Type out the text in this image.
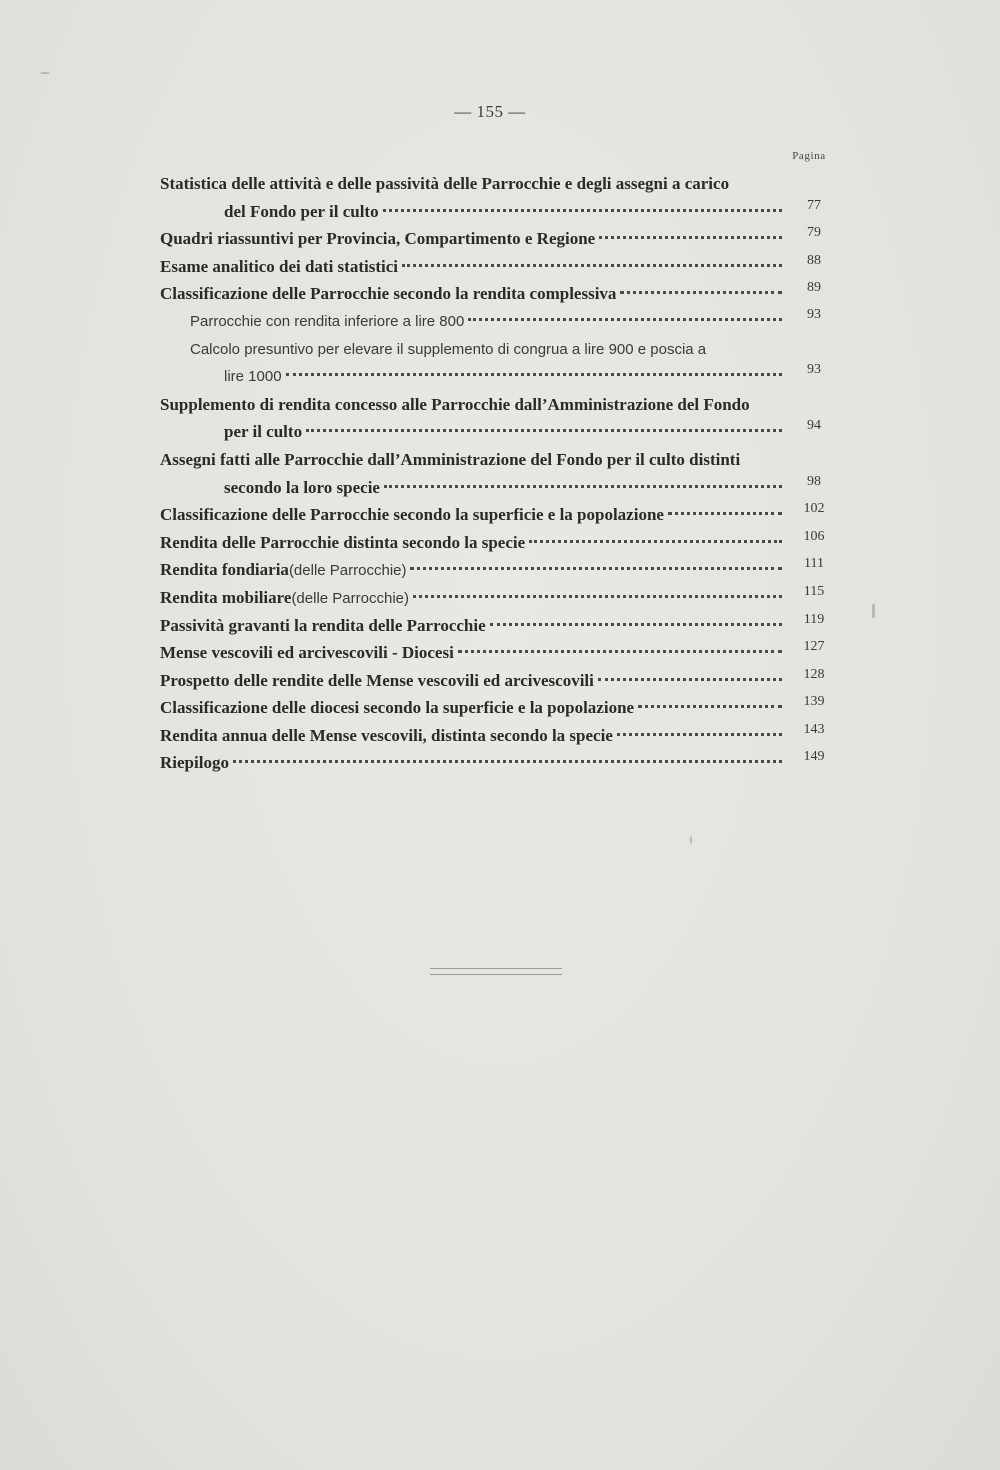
— 155 —
Pagina
Statistica delle attività e delle passività delle Parrocchie e degli assegni a carico
del Fondo per il culto	77
Quadri riassuntivi per Provincia, Compartimento e Regione	79
Esame analitico dei dati statistici	88
Classificazione delle Parrocchie secondo la rendita complessiva	89
Parrocchie con rendita inferiore a lire 800	93
Calcolo presuntivo per elevare il supplemento di congrua a lire 900 e poscia a
lire 1000	93
Supplemento di rendita concesso alle Parrocchie dall’Amministrazione del Fondo
per il culto	94
Assegni fatti alle Parrocchie dall’Amministrazione del Fondo per il culto distinti
secondo la loro specie	98
Classificazione delle Parrocchie secondo la superficie e la popolazione	102
Rendita delle Parrocchie distinta secondo la specie	106
Rendita fondiaria (delle Parrocchie)	111
Rendita mobiliare (delle Parrocchie)	115
Passività gravanti la rendita delle Parrocchie	119
Mense vescovili ed arcivescovili - Diocesi	127
Prospetto delle rendite delle Mense vescovili ed arcivescovili	128
Classificazione delle diocesi secondo la superficie e la popolazione	139
Rendita annua delle Mense vescovili, distinta secondo la specie	143
Riepilogo	149
